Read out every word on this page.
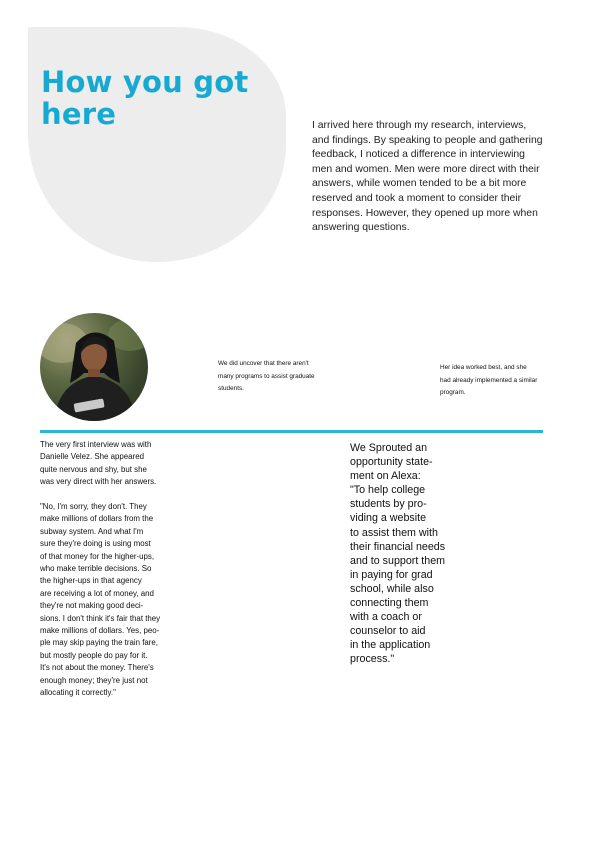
How you got here	I arrived here through my research, interviews, and findings. By speaking to people and gathering feedback, I noticed a difference in interviewing men and women. Men were more direct with their answers, while women tended to be a bit more reserved and took a moment to consider their responses. However, they opened up more when answering questions.

We did uncover that there aren't
many programs to assist graduate
students.

Her idea worked best, and she
had already implemented a similar
program.

The very first interview was with
Danielle Velez. She appeared
quite nervous and shy, but she
was very direct with her answers.

"No, I'm sorry, they don't. They
make millions of dollars from the
subway system. And what I'm
sure they're doing is using most
of that money for the higher-ups,
who make terrible decisions. So
the higher-ups in that agency
are receiving a lot of money, and
they're not making good deci-
sions. I don't think it's fair that they
make millions of dollars. Yes, peo-
ple may skip paying the train fare,
but mostly people do pay for it.
It's not about the money. There's
enough money; they're just not
allocating it correctly."

We Sprouted an
opportunity state-
ment on Alexa:
"To help college
students by pro-
viding a website
to assist them with
their financial needs
and to support them
in paying for grad
school, while also
connecting them
with a coach or
counselor to aid
in the application
process."
